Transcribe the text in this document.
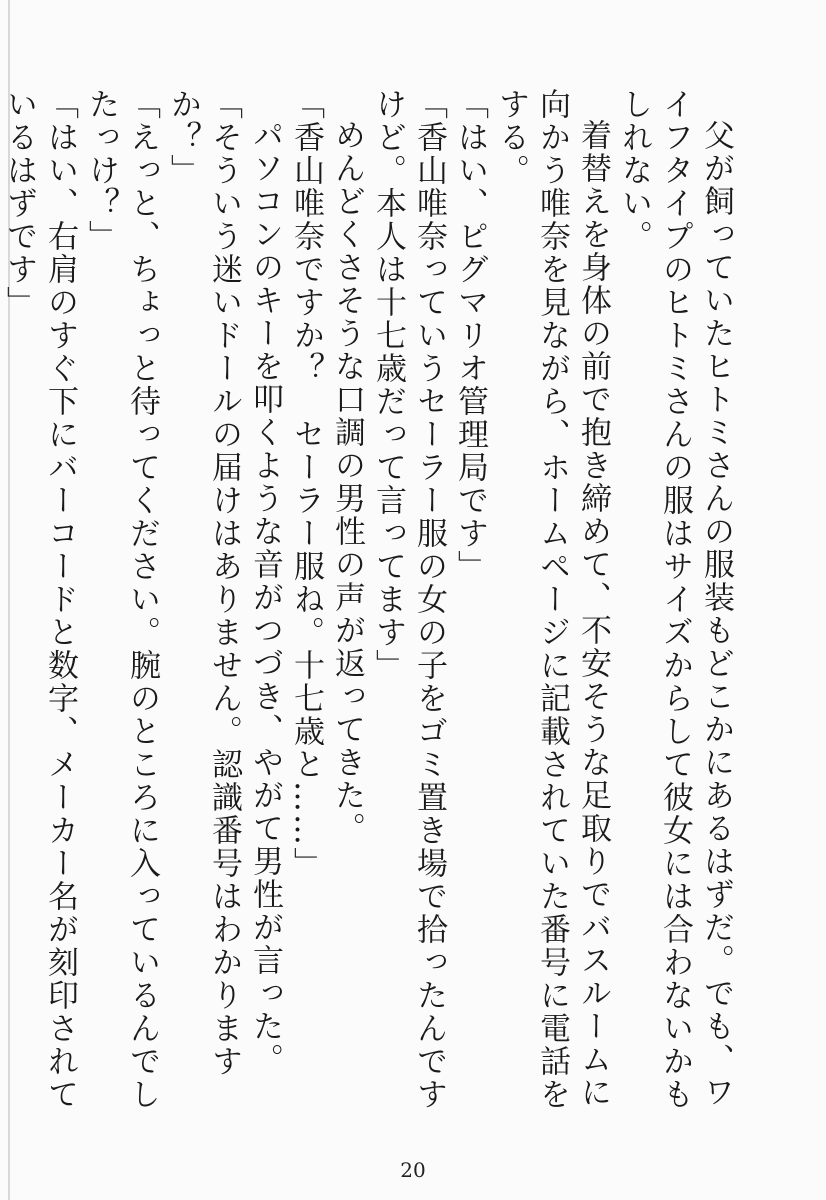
父が飼っていたヒトミさんの服装もどこかにあるはずだ。でも、ワイフタイプのヒトミさんの服はサイズからして彼女には合わないかもしれない。

着替えを身体の前で抱き締めて、不安そうな足取りでバスルームに向かう唯奈を見ながら、ホームページに記載されていた番号に電話をする。

「はい、ピグマリオ管理局です」

「香山唯奈っていうセーラー服の女の子をゴミ置き場で拾ったんですけど。本人は十七歳だって言ってます」

めんどくさそうな口調の男性の声が返ってきた。

「香山唯奈ですか？　セーラー服ね。十七歳と……」

パソコンのキーを叩くような音がつづき、やがて男性が言った。

「そういう迷いドールの届けはありません。認識番号はわかりますか？」

「えっと、ちょっと待ってください。腕のところに入っているんでしたっけ？」

「はい、右肩のすぐ下にバーコードと数字、メーカー名が刻印されているはずです」

20
